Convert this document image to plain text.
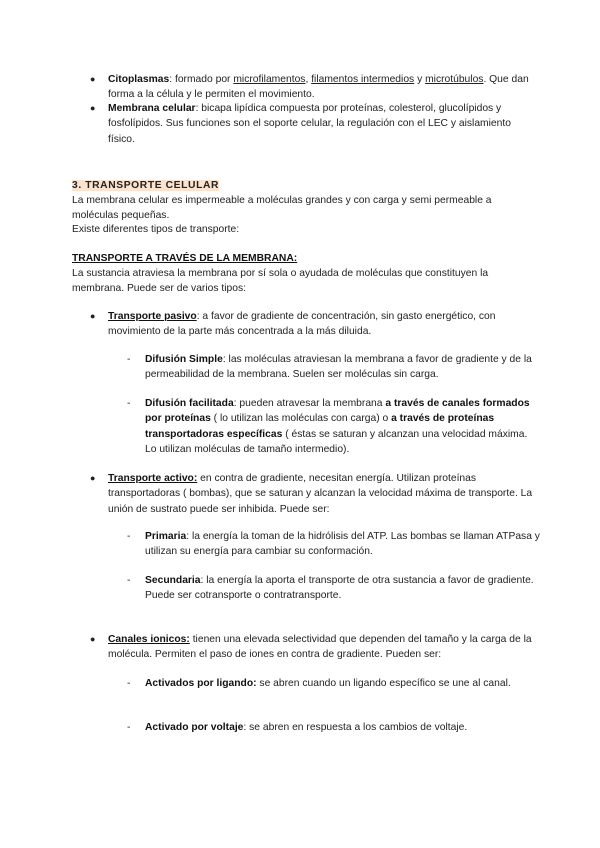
● Citoplasmas: formado por microfilamentos, filamentos intermedios y microtúbulos. Que dan forma a la célula y le permiten el movimiento.
● Membrana celular: bicapa lipídica compuesta por proteínas, colesterol, glucolípidos y fosfolípidos. Sus funciones son el soporte celular, la regulación con el LEC y aislamiento físico.
3. TRANSPORTE CELULAR
La membrana celular es impermeable a moléculas grandes y con carga y semi permeable a moléculas pequeñas.
Existe diferentes tipos de transporte:
TRANSPORTE A TRAVÉS DE LA MEMBRANA:
La sustancia atraviesa la membrana por sí sola o ayudada de moléculas que constituyen la membrana. Puede ser de varios tipos:
● Transporte pasivo: a favor de gradiente de concentración, sin gasto energético, con movimiento de la parte más concentrada a la más diluida.
- Difusión Simple: las moléculas atraviesan la membrana a favor de gradiente y de la permeabilidad de la membrana. Suelen ser moléculas sin carga.
- Difusión facilitada: pueden atravesar la membrana a través de canales formados por proteínas ( lo utilizan las moléculas con carga) o a través de proteínas transportadoras específicas ( éstas se saturan y alcanzan una velocidad máxima. Lo utilizan moléculas de tamaño intermedio).
● Transporte activo: en contra de gradiente, necesitan energía. Utilizan proteínas transportadoras ( bombas), que se saturan y alcanzan la velocidad máxima de transporte. La unión de sustrato puede ser inhibida. Puede ser:
- Primaria: la energía la toman de la hidrólisis del ATP. Las bombas se llaman ATPasa y utilizan su energía para cambiar su conformación.
- Secundaria: la energía la aporta el transporte de otra sustancia a favor de gradiente. Puede ser cotransporte o contratransporte.
● Canales ionicos: tienen una elevada selectividad que dependen del tamaño y la carga de la molécula. Permiten el paso de iones en contra de gradiente. Pueden ser:
- Activados por ligando: se abren cuando un ligando específico se une al canal.
- Activado por voltaje: se abren en respuesta a los cambios de voltaje.
